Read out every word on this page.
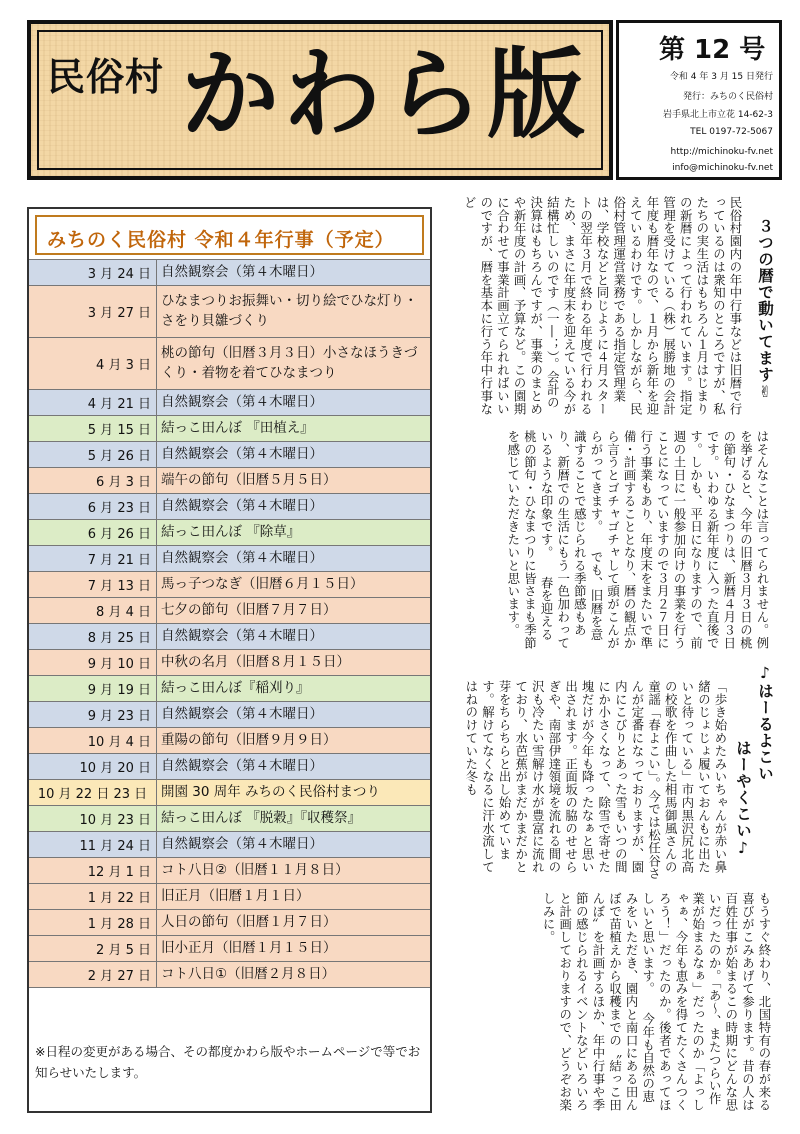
民俗村 かわら版	第 12 号
令和 4 年 3 月 15 日発行
発行：みちのく民俗村
岩手県北上市立花 14-62-3
TEL 0197-72-5067
http://michinoku-fv.net
info@michinoku-fv.net
みちのく民俗村 令和４年行事（予定）
3 月 24 日 自然観察会（第４木曜日）
3 月 27 日
ひなまつりお振舞い・切り絵でひな灯り・さをり貝雛づくり
4 月 3 日
桃の節句（旧暦３月３日）小さなほうきづくり・着物を着てひなまつり
4 月 21 日 自然観察会（第４木曜日）
5 月 15 日 結っこ田んぼ 『田植え』
5 月 26 日 自然観察会（第４木曜日）
6 月 3 日 端午の節句（旧暦５月５日）
6 月 23 日 自然観察会（第４木曜日）
6 月 26 日 結っこ田んぼ 『除草』
7 月 21 日 自然観察会（第４木曜日）
7 月 13 日 馬っ子つなぎ（旧暦６月１５日）
8 月 4 日 七夕の節句（旧暦７月７日）
8 月 25 日 自然観察会（第４木曜日）
9 月 10 日 中秋の名月（旧暦８月１５日）
9 月 19 日 結っこ田んぼ『稲刈り』
9 月 23 日 自然観察会（第４木曜日）
10 月 4 日 重陽の節句（旧暦９月９日）
10 月 20 日 自然観察会（第４木曜日）
10 月 22 日 23 日	開園 30 周年 みちのく民俗村まつり
10 月 23 日 結っこ田んぼ 『脱穀』『収穫祭』
11 月 24 日 自然観察会（第４木曜日）
12 月 1 日 コト八日②（旧暦１１月８日）
1 月 22 日 旧正月（旧暦１月１日）
1 月 28 日 人日の節句（旧暦１月７日）
2 月 5 日 旧小正月（旧暦１月１５日）
2 月 27 日 コト八日①（旧暦２月８日）
※日程の変更がある場合、その都度かわら版やホームページで等でお知らせいたします。
３つの暦で動いてます✌
民俗村園内の年中行事などは旧暦で行っているのは衆知のところですが、私たちの実生活はもちろん１月はじまりの新暦によって行われています。指定管理を受けている（株）展勝地の会計年度も暦年なので、１月から新年を迎えているわけです。しかしながら、民俗村管理運営業務である指定管理業は、学校などと同じように４月スタートの翌年３月で終わる年度で行われるため、まさに年度末を迎えている今が結構忙しいのです（一―；）。会計の決算はもちろんですが、事業のまとめや新年度の計画、予算など。この園期に合わせて事業計画立てられればいいのですが、暦を基本に行う年中行事など
はそんなことは言ってられません。例を挙げると、今年の旧暦３月３日の桃の節句・ひなまつりは、新暦４月３日です。いわゆる新年度に入った直後です。しかも、平日になりますので、前週の土日に一般参加向けの事業を行うことになっていますので３月２７日に行う事業もあり、年度末をまたいで準備・計画することとなり、暦の観点から言うとゴチャゴチャして頭がこんがらがってきます。 　でも、旧暦を意識することで感じられる季節感もあり、新暦での生活にもう一色加わっているような印象です。 　春を迎える桃の節句・ひなまつりに皆さまも季節を感じていただきたいと思います。
♪はーるよこい
はーやくこい♪
「歩き始めたみいちゃんが赤い鼻緒のじょじょ履いておんもに出たいと待っている」市内黒沢尻北高の校歌を作曲した相馬御風さんの童謡「春よこい」。今では松任谷さんが定番になっておりますが、園内にこびりとあった雪もいつの間にか小さくなって、除雪で寄せた塊だけが今年も降ったなぁと思い出されます。正面坂の脇のせせらぎや、南部伊達領境を流れる間の沢も冷たい雪解け水が豊富に流れており、水芭蕉がまだかまだかと芽をちらちらと出し始めています。解けてなくなるに汗水流してはねのけていた冬も
もうすぐ終わり、北国特有の春が来る喜びがこみあげて参ります。昔の人は百姓仕事が始まるこの時期にどんな思いだったのか。「あ～、またつらい作業が始まるなぁ」だったのか「よっしゃぁ、今年も恵みを得てたくさんつくろう！」だったのか。後者であってほしいと思います。 　今年も自然の恵みをいただき、園内と南口にある田んぼで苗植えから収穫までの〝結っこ田んぼ〟を計画するほか、年中行事や季節の感じられるイベントなどいろいろと計画しておりますので、どうぞお楽しみに。
